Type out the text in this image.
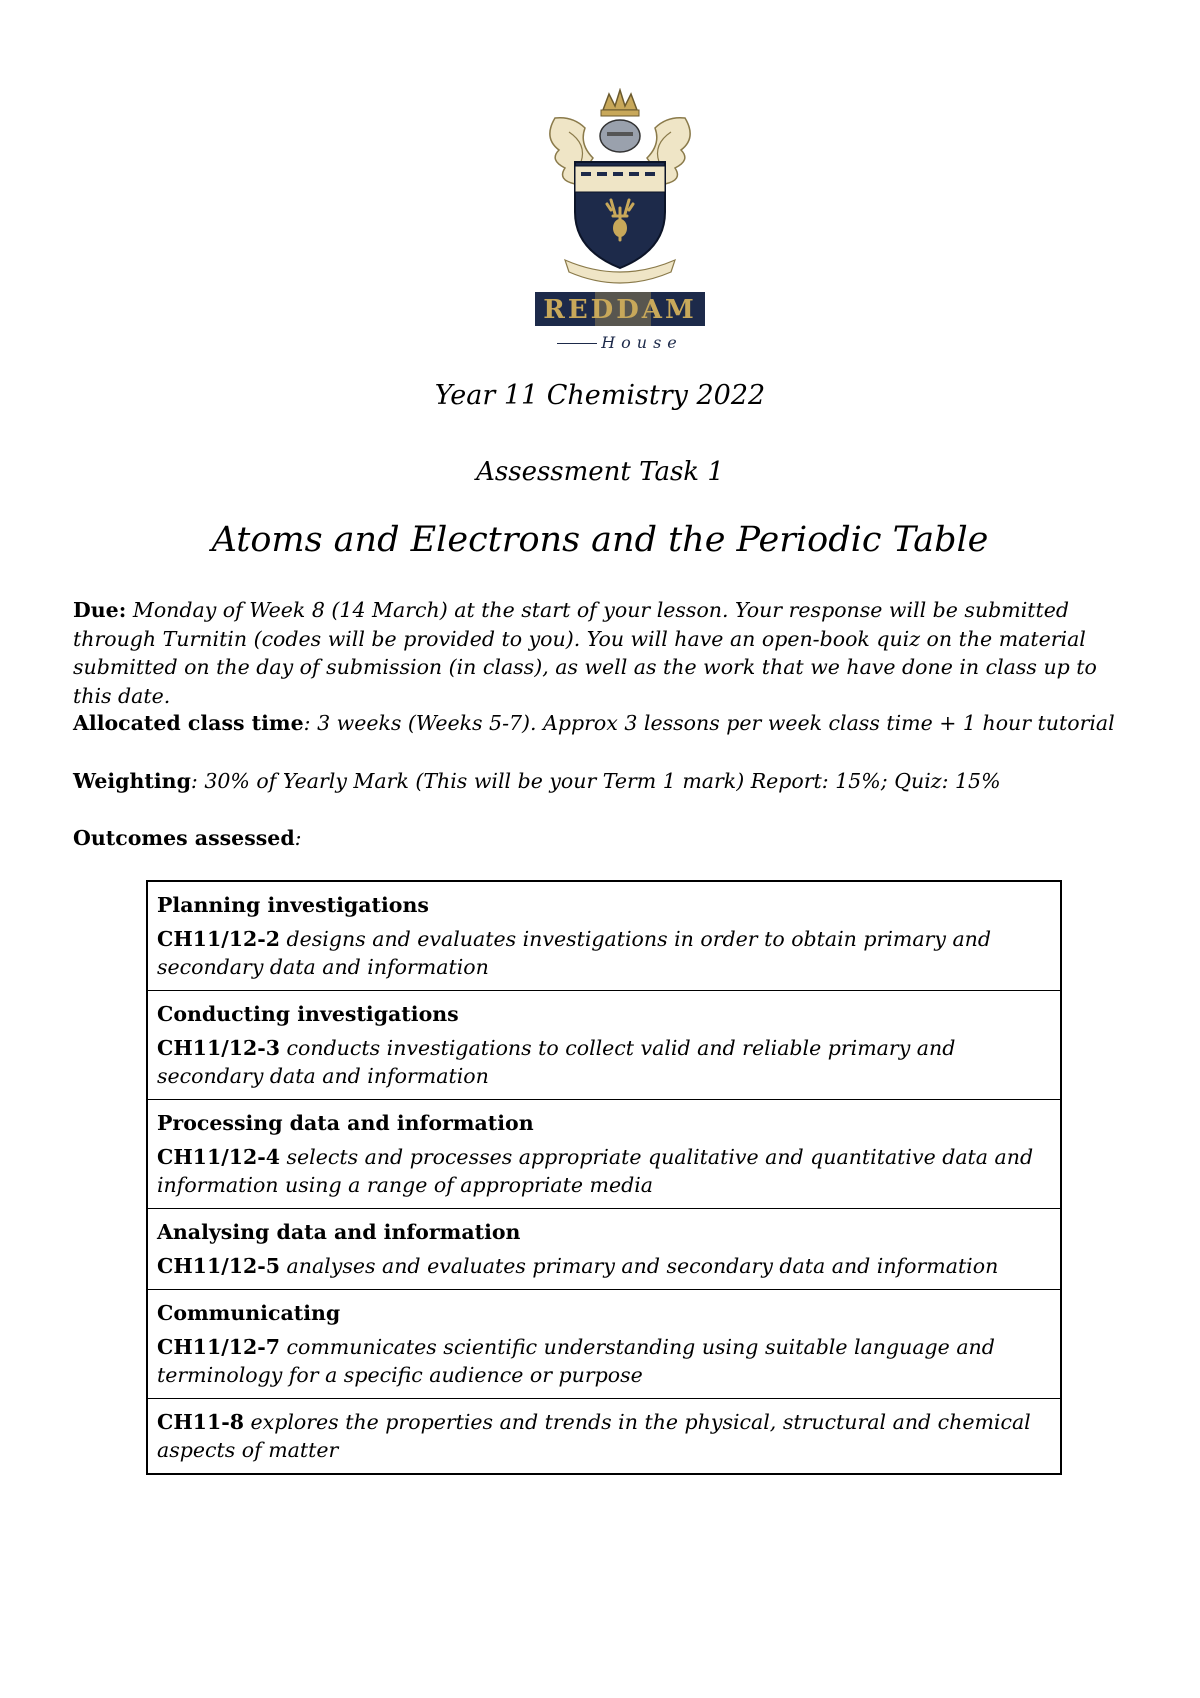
REDDAM
House
Year 11 Chemistry 2022
Assessment Task 1
Atoms and Electrons and the Periodic Table
Due: Monday of Week 8 (14 March) at the start of your lesson. Your response will be submitted through Turnitin (codes will be provided to you). You will have an open-book quiz on the material submitted on the day of submission (in class), as well as the work that we have done in class up to this date.
Allocated class time: 3 weeks (Weeks 5-7). Approx 3 lessons per week class time + 1 hour tutorial
Weighting: 30% of Yearly Mark (This will be your Term 1 mark) Report: 15%; Quiz: 15%
Outcomes assessed:
Planning investigations
CH11/12-2 designs and evaluates investigations in order to obtain primary and secondary data and information

Conducting investigations
CH11/12-3 conducts investigations to collect valid and reliable primary and secondary data and information

Processing data and information
CH11/12-4 selects and processes appropriate qualitative and quantitative data and information using a range of appropriate media

Analysing data and information
CH11/12-5 analyses and evaluates primary and secondary data and information

Communicating
CH11/12-7 communicates scientific understanding using suitable language and terminology for a specific audience or purpose
CH11-8 explores the properties and trends in the physical, structural and chemical aspects of matter
